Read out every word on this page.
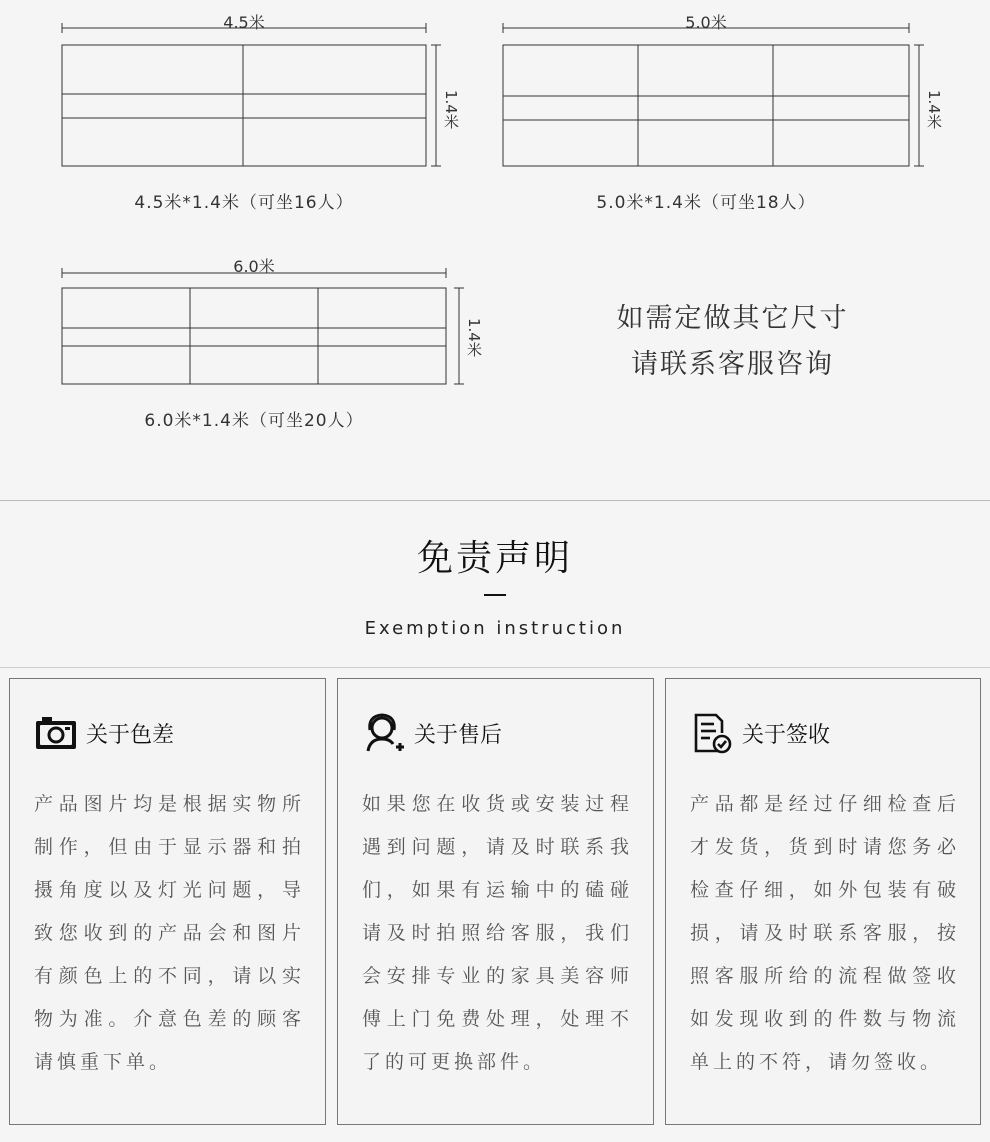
4.5米
1.4米
4.5米*1.4米（可坐16人）
5.0米
1.4米
5.0米*1.4米（可坐18人）
6.0米
1.4米
6.0米*1.4米（可坐20人）
如需定做其它尺寸
请联系客服咨询
免责声明
Exemption instruction
关于色差
产品图片均是根据实物所制作，但由于显示器和拍摄角度以及灯光问题，导致您收到的产品会和图片有颜色上的不同，请以实物为准。介意色差的顾客请慎重下单。
关于售后
如果您在收货或安装过程遇到问题，请及时联系我们，如果有运输中的磕碰请及时拍照给客服，我们会安排专业的家具美容师傅上门免费处理，处理不了的可更换部件。
关于签收
产品都是经过仔细检查后才发货，货到时请您务必检查仔细，如外包装有破损，请及时联系客服，按照客服所给的流程做签收如发现收到的件数与物流单上的不符，请勿签收。
